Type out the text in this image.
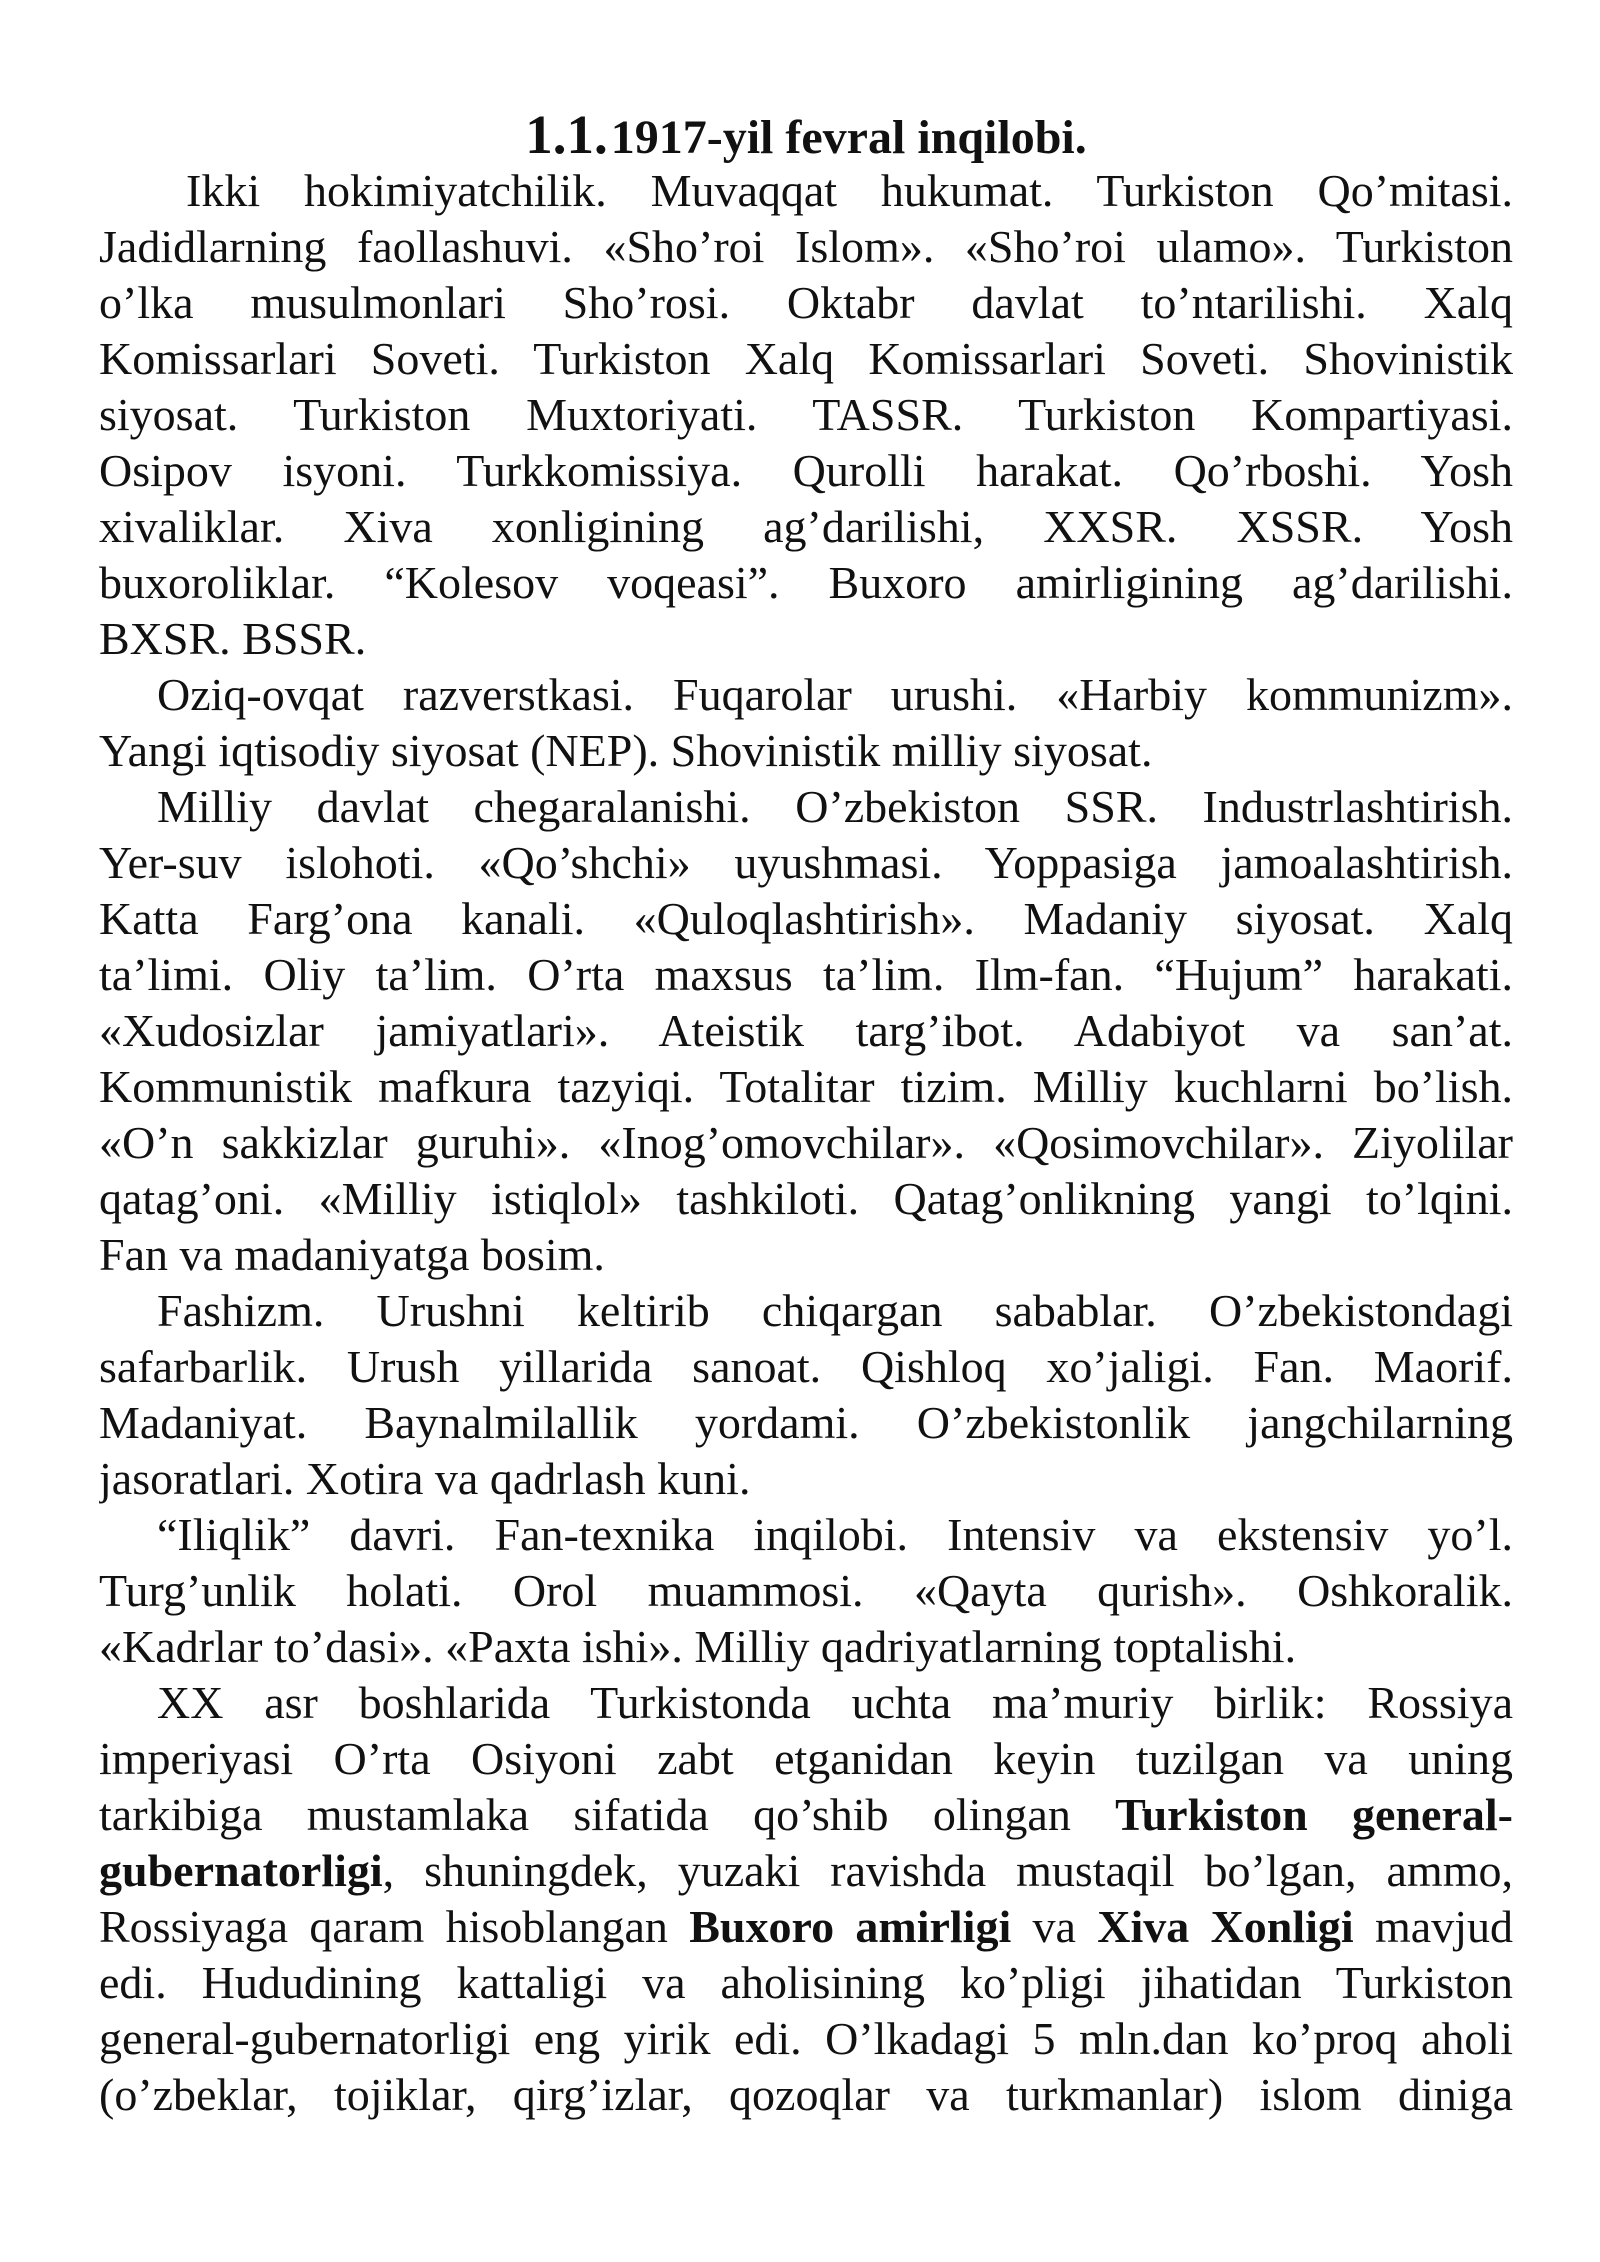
1.1.1917-yil fevral inqilobi.
Ikki hokimiyatchilik. Muvaqqat hukumat. Turkiston Qo’mitasi.
Jadidlarning faollashuvi. «Sho’roi Islom». «Sho’roi ulamo». Turkiston
o’lka musulmonlari Sho’rosi. Oktabr davlat to’ntarilishi. Xalq
Komissarlari Soveti. Turkiston Xalq Komissarlari Soveti. Shovinistik
siyosat. Turkiston Muxtoriyati. TASSR. Turkiston Kompartiyasi.
Osipov isyoni. Turkkomissiya. Qurolli harakat. Qo’rboshi. Yosh
xivaliklar. Xiva xonligining ag’darilishi, XXSR. XSSR. Yosh
buxoroliklar. “Kolesov voqeasi”. Buxoro amirligining ag’darilishi.
BXSR. BSSR.
Oziq-ovqat razverstkasi. Fuqarolar urushi. «Harbiy kommunizm».
Yangi iqtisodiy siyosat (NEP). Shovinistik milliy siyosat.
Milliy davlat chegaralanishi. O’zbekiston SSR. Industrlashtirish.
Yer-suv islohoti. «Qo’shchi» uyushmasi. Yoppasiga jamoalashtirish.
Katta Farg’ona kanali. «Quloqlashtirish». Madaniy siyosat. Xalq
ta’limi. Oliy ta’lim. O’rta maxsus ta’lim. Ilm-fan. “Hujum” harakati.
«Xudosizlar jamiyatlari». Ateistik targ’ibot. Adabiyot va san’at.
Kommunistik mafkura tazyiqi. Totalitar tizim. Milliy kuchlarni bo’lish.
«O’n sakkizlar guruhi». «Inog’omovchilar». «Qosimovchilar». Ziyolilar
qatag’oni. «Milliy istiqlol» tashkiloti. Qatag’onlikning yangi to’lqini.
Fan va madaniyatga bosim.
Fashizm. Urushni keltirib chiqargan sabablar. O’zbekistondagi
safarbarlik. Urush yillarida sanoat. Qishloq xo’jaligi. Fan. Maorif.
Madaniyat. Baynalmilallik yordami. O’zbekistonlik jangchilarning
jasoratlari. Xotira va qadrlash kuni.
“Iliqlik” davri. Fan-texnika inqilobi. Intensiv va ekstensiv yo’l.
Turg’unlik holati. Orol muammosi. «Qayta qurish». Oshkoralik.
«Kadrlar to’dasi». «Paxta ishi». Milliy qadriyatlarning toptalishi.
XX asr boshlarida Turkistonda uchta ma’muriy birlik: Rossiya
imperiyasi O’rta Osiyoni zabt etganidan keyin tuzilgan va uning
tarkibiga mustamlaka sifatida qo’shib olingan Turkiston general-
gubernatorligi, shuningdek, yuzaki ravishda mustaqil bo’lgan, ammo,
Rossiyaga qaram hisoblangan Buxoro amirligi va Xiva Xonligi mavjud
edi. Hududining kattaligi va aholisining ko’pligi jihatidan Turkiston
general-gubernatorligi eng yirik edi. O’lkadagi 5 mln.dan ko’proq aholi
(o’zbeklar, tojiklar, qirg’izlar, qozoqlar va turkmanlar) islom diniga
